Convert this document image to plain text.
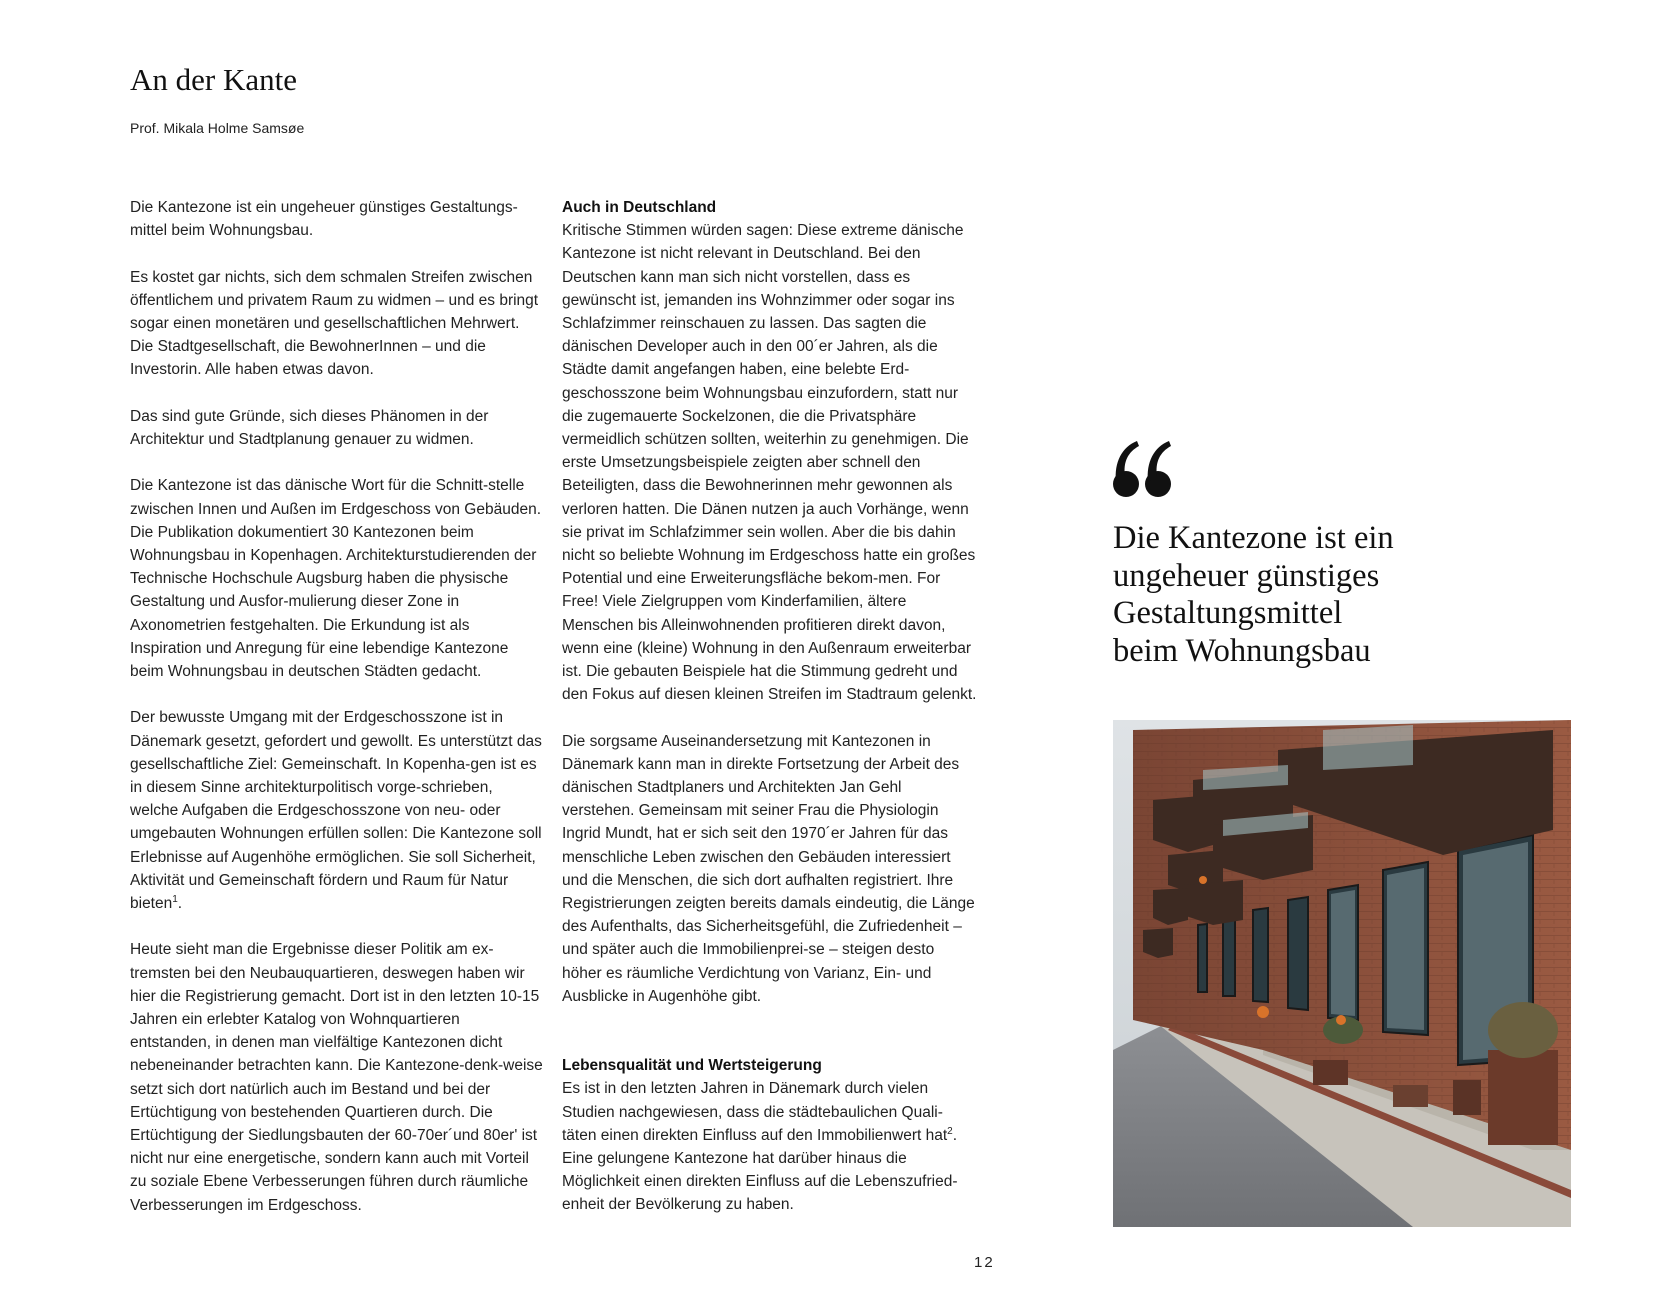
An der Kante
Prof. Mikala Holme Samsøe

Die Kantezone ist ein ungeheuer günstiges Gestaltungs-mittel beim Wohnungsbau.

Es kostet gar nichts, sich dem schmalen Streifen zwischen öffentlichem und privatem Raum zu widmen – und es bringt sogar einen monetären und gesellschaftlichen Mehrwert. Die Stadtgesellschaft, die BewohnerInnen – und die Investorin. Alle haben etwas davon.

Das sind gute Gründe, sich dieses Phänomen in der Architektur und Stadtplanung genauer zu widmen.

Die Kantezone ist das dänische Wort für die Schnitt-stelle zwischen Innen und Außen im Erdgeschoss von Gebäuden. Die Publikation dokumentiert 30 Kantezonen beim Wohnungsbau in Kopenhagen. Architekturstudierenden der Technische Hochschule Augsburg haben die physische Gestaltung und Ausfor-mulierung dieser Zone in Axonometrien festgehalten. Die Erkundung ist als Inspiration und Anregung für eine lebendige Kantezone beim Wohnungsbau in deutschen Städten gedacht.

Der bewusste Umgang mit der Erdgeschosszone ist in Dänemark gesetzt, gefordert und gewollt. Es unterstützt das gesellschaftliche Ziel: Gemeinschaft. In Kopenha-gen ist es in diesem Sinne architekturpolitisch vorge-schrieben, welche Aufgaben die Erdgeschosszone von neu- oder umgebauten Wohnungen erfüllen sollen: Die Kantezone soll Erlebnisse auf Augenhöhe ermöglichen. Sie soll Sicherheit, Aktivität und Gemeinschaft fördern und Raum für Natur bieten$^1$.

Heute sieht man die Ergebnisse dieser Politik am ex-tremsten bei den Neubauquartieren, deswegen haben wir hier die Registrierung gemacht. Dort ist in den letzten 10-15 Jahren ein erlebter Katalog von Wohnquartieren entstanden, in denen man vielfältige Kantezonen dicht nebeneinander betrachten kann. Die Kantezone-denk-weise setzt sich dort natürlich auch im Bestand und bei der Ertüchtigung von bestehenden Quartieren durch. Die Ertüchtigung der Siedlungsbauten der 60-70er´und 80er' ist nicht nur eine energetische, sondern kann auch mit Vorteil zu soziale Ebene Verbesserungen führen durch räumliche Verbesserungen im Erdgeschoss.

Auch in Deutschland

Kritische Stimmen würden sagen: Diese extreme dänische Kantezone ist nicht relevant in Deutschland. Bei den Deutschen kann man sich nicht vorstellen, dass es gewünscht ist, jemanden ins Wohnzimmer oder sogar ins Schlafzimmer reinschauen zu lassen. Das sagten die dänischen Developer auch in den 00´er Jahren, als die Städte damit angefangen haben, eine belebte Erd-geschosszone beim Wohnungsbau einzufordern, statt nur die zugemauerte Sockelzonen, die die Privatsphäre vermeidlich schützen sollten, weiterhin zu genehmigen. Die erste Umsetzungsbeispiele zeigten aber schnell den Beteiligten, dass die Bewohnerinnen mehr gewonnen als verloren hatten. Die Dänen nutzen ja auch Vorhänge, wenn sie privat im Schlafzimmer sein wollen. Aber die bis dahin nicht so beliebte Wohnung im Erdgeschoss hatte ein großes Potential und eine Erweiterungsfläche bekom-men. For Free! Viele Zielgruppen vom Kinderfamilien, ältere Menschen bis Alleinwohnenden profitieren direkt davon, wenn eine (kleine) Wohnung in den Außenraum erweiterbar ist. Die gebauten Beispiele hat die Stimmung gedreht und den Fokus auf diesen kleinen Streifen im Stadtraum gelenkt.

Die sorgsame Auseinandersetzung mit Kantezonen in Dänemark kann man in direkte Fortsetzung der Arbeit des dänischen Stadtplaners und Architekten Jan Gehl verstehen. Gemeinsam mit seiner Frau die Physiologin Ingrid Mundt, hat er sich seit den 1970´er Jahren für das menschliche Leben zwischen den Gebäuden interessiert und die Menschen, die sich dort aufhalten registriert. Ihre Registrierungen zeigten bereits damals eindeutig, die Länge des Aufenthalts, das Sicherheitsgefühl, die Zufriedenheit – und später auch die Immobilienprei-se – steigen desto höher es räumliche Verdichtung von Varianz, Ein- und Ausblicke in Augenhöhe gibt.

Lebensqualität und Wertsteigerung

Es ist in den letzten Jahren in Dänemark durch vielen Studien nachgewiesen, dass die städtebaulichen Quali-täten einen direkten Einfluss auf den Immobilienwert hat$^2$. Eine gelungene Kantezone hat darüber hinaus die Möglichkeit einen direkten Einfluss auf die Lebenszufried-enheit der Bevölkerung zu haben.

Die Kantezone ist ein
ungeheuer günstiges
Gestaltungsmittel
beim Wohnungsbau
12
